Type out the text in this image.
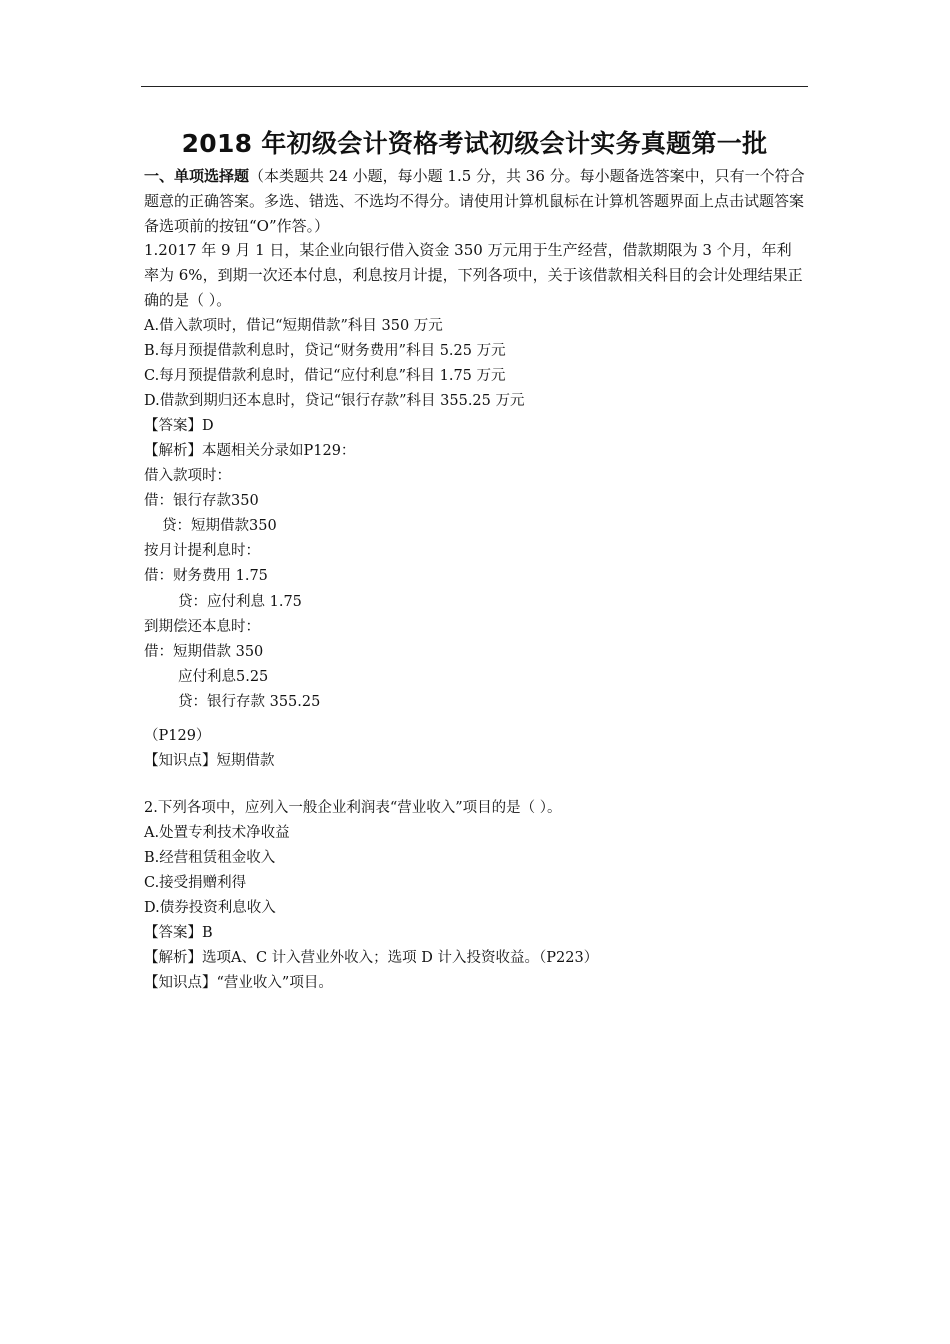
2018 年初级会计资格考试初级会计实务真题第一批
一、单项选择题（本类题共 24 小题，每小题 1.5 分，共 36 分。每小题备选答案中，只有一个符合题意的正确答案。多选、错选、不选均不得分。请使用计算机鼠标在计算机答题界面上点击试题答案备选项前的按钮“O”作答。）
1.2017 年 9 月 1 日，某企业向银行借入资金 350 万元用于生产经营，借款期限为 3 个月，年利率为 6%，到期一次还本付息，利息按月计提，下列各项中，关于该借款相关科目的会计处理结果正确的是（ ）。
A.借入款项时，借记“短期借款”科目 350 万元
B.每月预提借款利息时，贷记“财务费用”科目 5.25 万元
C.每月预提借款利息时，借记“应付利息”科目 1.75 万元
D.借款到期归还本息时，贷记“银行存款”科目 355.25 万元
【答案】D
【解析】本题相关分录如P129：
借入款项时：
借：银行存款350
贷：短期借款350
按月计提利息时：
借：财务费用 1.75
贷：应付利息 1.75
到期偿还本息时：
借：短期借款 350
应付利息5.25
贷：银行存款 355.25
（P129）
【知识点】短期借款
2.下列各项中，应列入一般企业利润表“营业收入”项目的是（ ）。
A.处置专利技术净收益
B.经营租赁租金收入
C.接受捐赠利得
D.债券投资利息收入
【答案】B
【解析】选项A、C 计入营业外收入；选项 D 计入投资收益。（P223）
【知识点】“营业收入”项目。
